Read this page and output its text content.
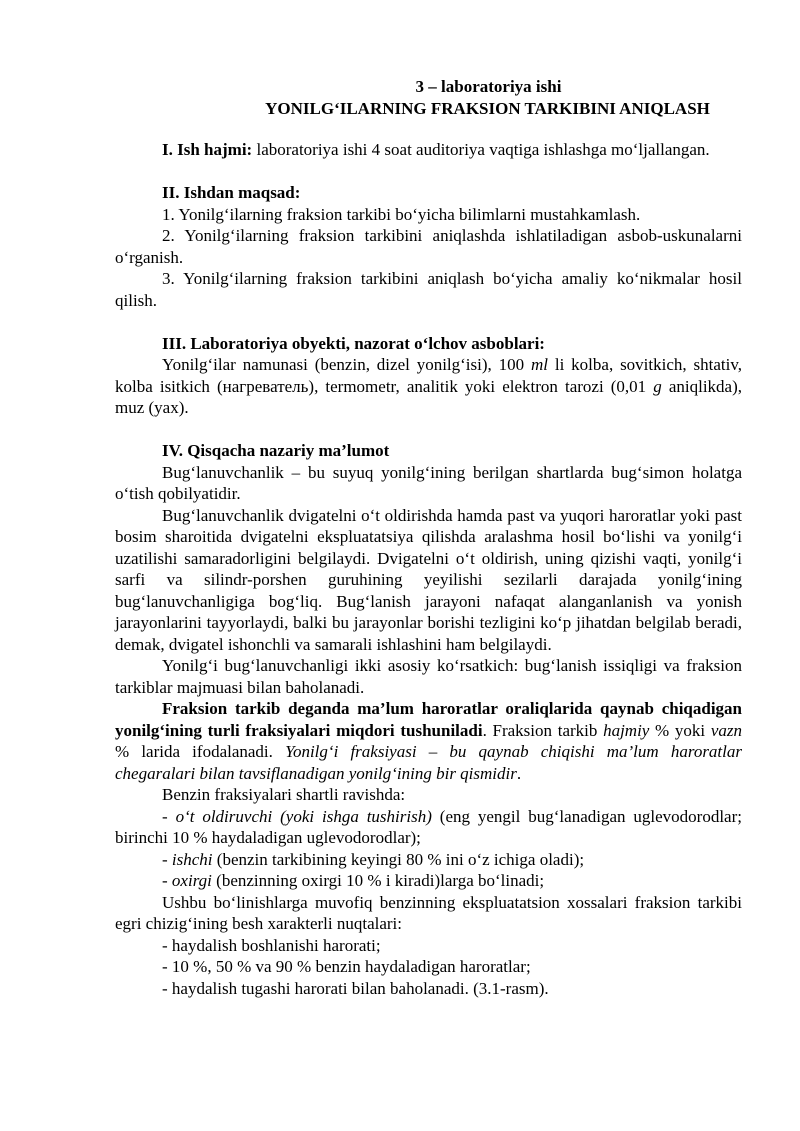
3 – laboratoriya ishi
YONILG‘ILARNING FRAKSION TARKIBINI ANIQLASH

I. Ish hajmi: laboratoriya ishi 4 soat auditoriya vaqtiga ishlashga mo‘ljallangan.

II. Ishdan maqsad:

1. Yonilg‘ilarning fraksion tarkibi bo‘yicha bilimlarni mustahkamlash.

2. Yonilg‘ilarning fraksion tarkibini aniqlashda ishlatiladigan asbob-uskunalarni o‘rganish.

3. Yonilg‘ilarning fraksion tarkibini aniqlash bo‘yicha amaliy ko‘nikmalar hosil qilish.

III. Laboratoriya obyekti, nazorat o‘lchov asboblari:

Yonilg‘ilar namunasi (benzin, dizel yonilg‘isi), 100 ml li kolba, sovitkich, shtativ, kolba isitkich (нагреватель), termometr, analitik yoki elektron tarozi (0,01 g aniqlikda), muz (yax).

IV. Qisqacha nazariy ma’lumot

Bug‘lanuvchanlik – bu suyuq yonilg‘ining berilgan shartlarda bug‘simon holatga o‘tish qobilyatidir.

Bug‘lanuvchanlik dvigatelni o‘t oldirishda hamda past va yuqori haroratlar yoki past bosim sharoitida dvigatelni ekspluatatsiya qilishda aralashma hosil bo‘lishi va yonilg‘i uzatilishi samaradorligini belgilaydi. Dvigatelni o‘t oldirish, uning qizishi vaqti, yonilg‘i sarfi va silindr-porshen guruhining yeyilishi sezilarli darajada yonilg‘ining bug‘lanuvchanligiga bog‘liq. Bug‘lanish jarayoni nafaqat alanganlanish va yonish jarayonlarini tayyorlaydi, balki bu jarayonlar borishi tezligini ko‘p jihatdan belgilab beradi, demak, dvigatel ishonchli va samarali ishlashini ham belgilaydi.

Yonilg‘i bug‘lanuvchanligi ikki asosiy ko‘rsatkich: bug‘lanish issiqligi va fraksion tarkiblar majmuasi bilan baholanadi.

Fraksion tarkib deganda ma’lum haroratlar oraliqlarida qaynab chiqadigan yonilg‘ining turli fraksiyalari miqdori tushuniladi. Fraksion tarkib hajmiy % yoki vazn % larida ifodalanadi. Yonilg‘i fraksiyasi – bu qaynab chiqishi ma’lum haroratlar chegaralari bilan tavsiflanadigan yonilg‘ining bir qismidir.

Benzin fraksiyalari shartli ravishda:

- o‘t oldiruvchi (yoki ishga tushirish) (eng yengil bug‘lanadigan uglevodorodlar; birinchi 10 % haydaladigan uglevodorodlar);

- ishchi (benzin tarkibining keyingi 80 % ini o‘z ichiga oladi);

- oxirgi (benzinning oxirgi 10 % i kiradi)larga bo‘linadi;

Ushbu bo‘linishlarga muvofiq benzinning ekspluatatsion xossalari fraksion tarkibi egri chizig‘ining besh xarakterli nuqtalari:

- haydalish boshlanishi harorati;

- 10 %, 50 % va 90 % benzin haydaladigan haroratlar;

- haydalish tugashi harorati bilan baholanadi. (3.1-rasm).
